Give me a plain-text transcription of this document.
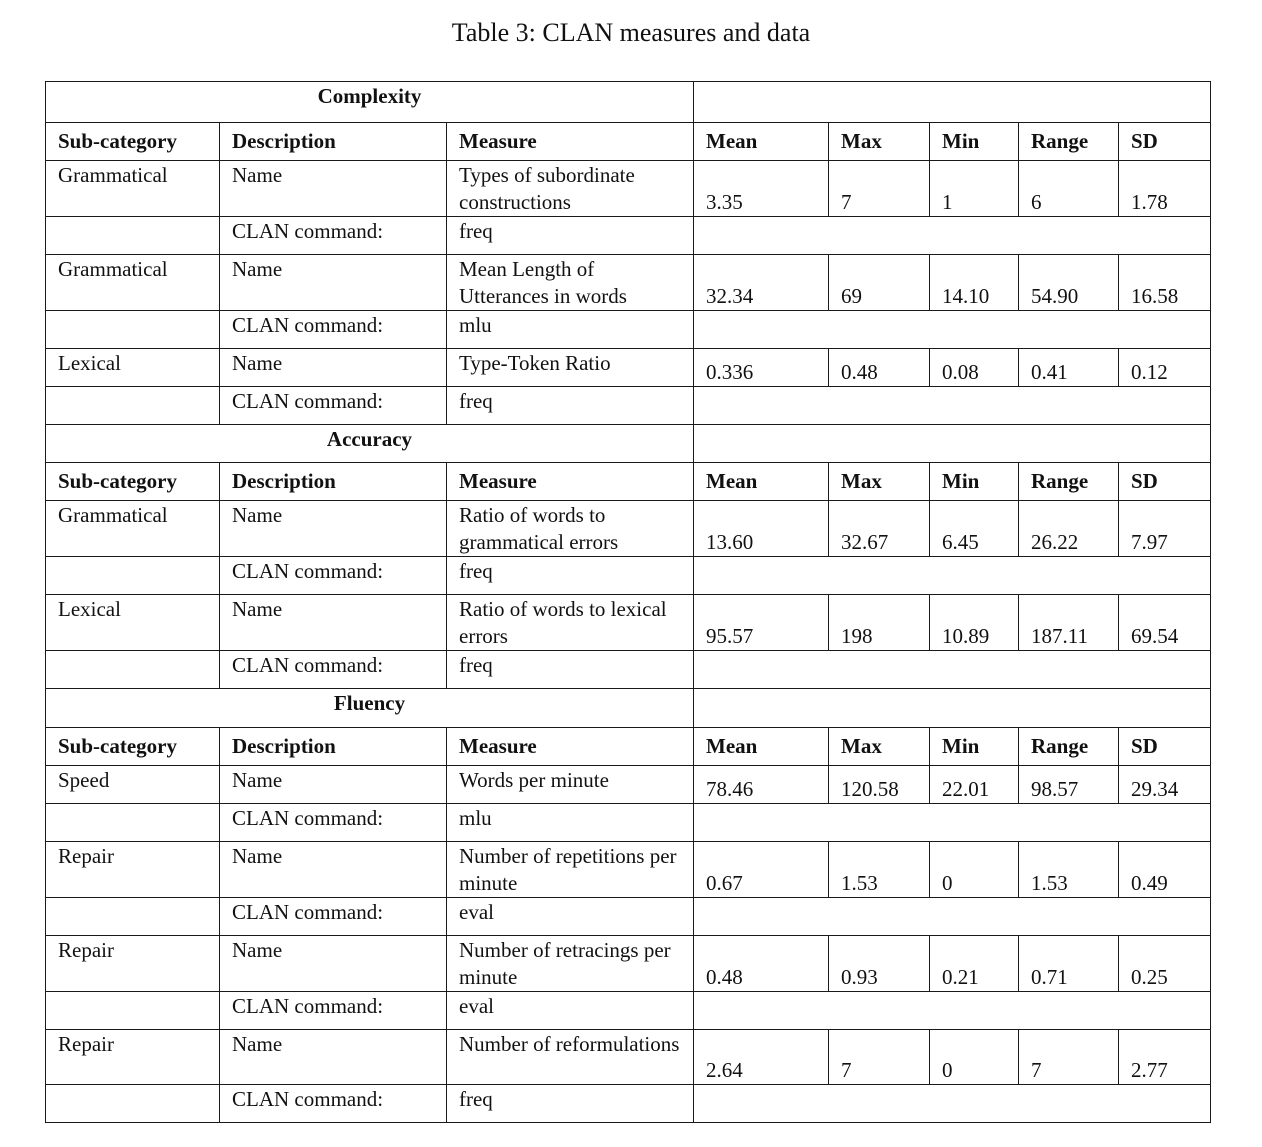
Table 3: CLAN measures and data
Complexity							
Sub-category	Description	Measure	Mean	Max	Min	Range	SD
Grammatical	Name	Types of subordinate constructions	3.35	7	1	6	1.78
	CLAN command:	freq					
Grammatical	Name	Mean Length of Utterances in words	32.34	69	14.10	54.90	16.58
	CLAN command:	mlu					
Lexical	Name	Type-Token Ratio	0.336	0.48	0.08	0.41	0.12
	CLAN command:	freq					
Accuracy							
Sub-category	Description	Measure	Mean	Max	Min	Range	SD
Grammatical	Name	Ratio of words to grammatical errors	13.60	32.67	6.45	26.22	7.97
	CLAN command:	freq					
Lexical	Name	Ratio of words to lexical errors	95.57	198	10.89	187.11	69.54
	CLAN command:	freq					
Fluency							
Sub-category	Description	Measure	Mean	Max	Min	Range	SD
Speed	Name	Words per minute	78.46	120.58	22.01	98.57	29.34
	CLAN command:	mlu					
Repair	Name	Number of repetitions per minute	0.67	1.53	0	1.53	0.49
	CLAN command:	eval					
Repair	Name	Number of retracings per minute	0.48	0.93	0.21	0.71	0.25
	CLAN command:	eval					
Repair	Name	Number of reformulations	2.64	7	0	7	2.77
	CLAN command:	freq					
